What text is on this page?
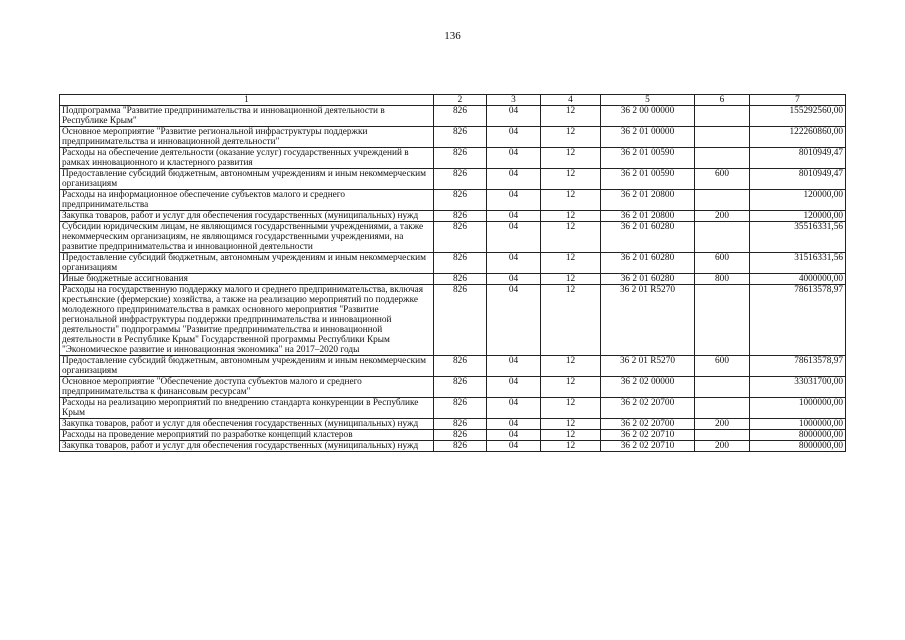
136
1	2	3	4	5	6	7
Подпрограмма "Развитие предпринимательства и инновационной деятельности в Республике Крым"	826	04	12	36 2 00 00000		155292560,00
Основное мероприятие "Развитие региональной инфраструктуры поддержки предпринимательства и инновационной деятельности"	826	04	12	36 2 01 00000		122260860,00
Расходы на обеспечение деятельности (оказание услуг) государственных учреждений в рамках инновационного и кластерного развития	826	04	12	36 2 01 00590		8010949,47
Предоставление субсидий бюджетным, автономным учреждениям и иным некоммерческим организациям	826	04	12	36 2 01 00590	600	8010949,47
Расходы на информационное обеспечение субъектов малого и среднего предпринимательства	826	04	12	36 2 01 20800		120000,00
Закупка товаров, работ и услуг для обеспечения государственных (муниципальных) нужд	826	04	12	36 2 01 20800	200	120000,00
Субсидии юридическим лицам, не являющимся государственными учреждениями, а также некоммерческим организациям, не являющимся государственными учреждениями, на развитие предпринимательства и инновационной деятельности	826	04	12	36 2 01 60280		35516331,56
Предоставление субсидий бюджетным, автономным учреждениям и иным некоммерческим организациям	826	04	12	36 2 01 60280	600	31516331,56
Иные бюджетные ассигнования	826	04	12	36 2 01 60280	800	4000000,00
Расходы на государственную поддержку малого и среднего предпринимательства, включая крестьянские (фермерские) хозяйства, а также на реализацию мероприятий по поддержке молодежного предпринимательства в рамках основного мероприятия "Развитие региональной инфраструктуры поддержки предпринимательства и инновационной деятельности" подпрограммы "Развитие предпринимательства и инновационной деятельности в Республике Крым" Государственной программы Республики Крым "Экономическое развитие и инновационная экономика" на 2017–2020 годы	826	04	12	36 2 01 R5270		78613578,97
Предоставление субсидий бюджетным, автономным учреждениям и иным некоммерческим организациям	826	04	12	36 2 01 R5270	600	78613578,97
Основное мероприятие "Обеспечение доступа субъектов малого и среднего предпринимательства к финансовым ресурсам"	826	04	12	36 2 02 00000		33031700,00
Расходы на реализацию мероприятий по внедрению стандарта конкуренции в Республике Крым	826	04	12	36 2 02 20700		1000000,00
Закупка товаров, работ и услуг для обеспечения государственных (муниципальных) нужд	826	04	12	36 2 02 20700	200	1000000,00
Расходы на проведение мероприятий по разработке концепций кластеров	826	04	12	36 2 02 20710		8000000,00
Закупка товаров, работ и услуг для обеспечения государственных (муниципальных) нужд	826	04	12	36 2 02 20710	200	8000000,00
